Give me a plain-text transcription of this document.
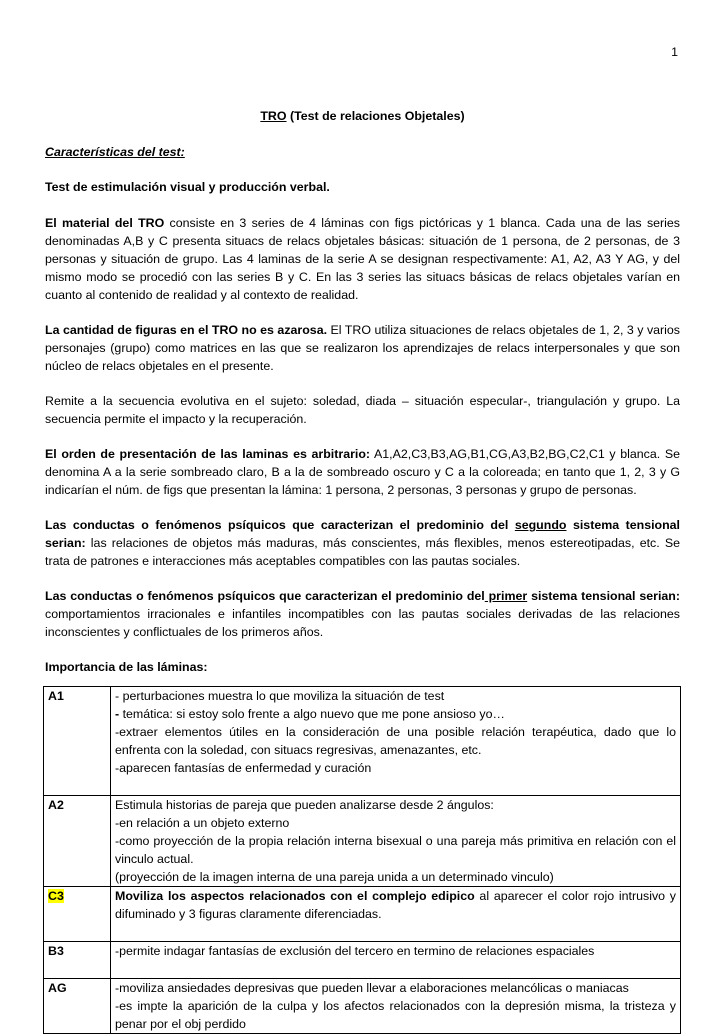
1
TRO (Test de relaciones Objetales)
Características del test:

Test de estimulación visual y producción verbal.

El material del TRO consiste en 3 series de 4 láminas con figs pictóricas y 1 blanca. Cada una de las series denominadas A,B y C presenta situacs de relacs objetales básicas: situación de 1 persona, de 2 personas, de 3 personas y situación de grupo. Las 4 laminas de la serie A se designan respectivamente: A1, A2, A3 Y AG, y del mismo modo se procedió con las series B y C. En las 3 series las situacs básicas de relacs objetales varían en cuanto al contenido de realidad y al contexto de realidad.

La cantidad de figuras en el TRO no es azarosa. El TRO utiliza situaciones de relacs objetales de 1, 2, 3 y varios personajes (grupo) como matrices en las que se realizaron los aprendizajes de relacs interpersonales y que son núcleo de relacs objetales en el presente.

Remite a la secuencia evolutiva en el sujeto: soledad, diada – situación especular-, triangulación y grupo. La secuencia permite el impacto y la recuperación.

El orden de presentación de las laminas es arbitrario: A1,A2,C3,B3,AG,B1,CG,A3,B2,BG,C2,C1 y blanca. Se denomina A a la serie sombreado claro, B a la de sombreado oscuro y C a la coloreada; en tanto que 1, 2, 3 y G indicarían el núm. de figs que presentan la lámina: 1 persona, 2 personas, 3 personas y grupo de personas.

Las conductas o fenómenos psíquicos que caracterizan el predominio del segundo sistema tensional serian: las relaciones de objetos más maduras, más conscientes, más flexibles, menos estereotipadas, etc. Se trata de patrones e interacciones más aceptables compatibles con las pautas sociales.

Las conductas o fenómenos psíquicos que caracterizan el predominio del primer sistema tensional serian: comportamientos irracionales e infantiles incompatibles con las pautas sociales derivadas de las relaciones inconscientes y conflictuales de los primeros años.

Importancia de las láminas:
A1	- perturbaciones muestra lo que moviliza la situación de test
- temática: si estoy solo frente a algo nuevo que me pone ansioso yo…
-extraer elementos útiles en la consideración de una posible relación terapéutica, dado que lo enfrenta con la soledad, con situacs regresivas, amenazantes, etc.
-aparecen fantasías de enfermedad y curación

A2	Estimula historias de pareja que pueden analizarse desde 2 ángulos:
-en relación a un objeto externo
-como proyección de la propia relación interna bisexual o una pareja más primitiva en relación con el vinculo actual.
(proyección de la imagen interna de una pareja unida a un determinado vinculo)

C3	Moviliza los aspectos relacionados con el complejo edipico al aparecer el color rojo intrusivo y difuminado y 3 figuras claramente diferenciadas.

B3	-permite indagar fantasías de exclusión del tercero en termino de relaciones espaciales

AG	-moviliza ansiedades depresivas que pueden llevar a elaboraciones melancólicas o maniacas
-es impte la aparición de la culpa y los afectos relacionados con la depresión misma, la tristeza y penar por el obj perdido
